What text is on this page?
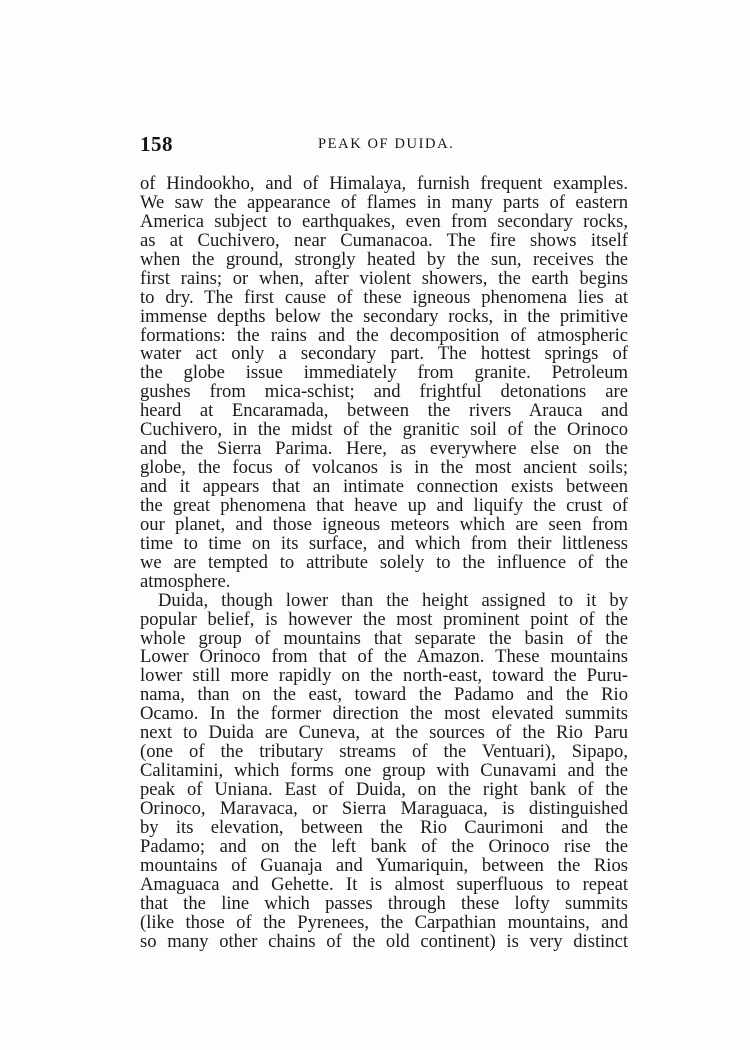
158	PEAK OF DUIDA.
of Hindookho, and of Himalaya, furnish frequent examples.
We saw the appearance of flames in many parts of eastern
America subject to earthquakes, even from secondary rocks,
as at Cuchivero, near Cumanacoa. The fire shows itself
when the ground, strongly heated by the sun, receives the
first rains; or when, after violent showers, the earth begins
to dry. The first cause of these igneous phenomena lies at
immense depths below the secondary rocks, in the primitive
formations: the rains and the decomposition of atmospheric
water act only a secondary part. The hottest springs of
the globe issue immediately from granite. Petroleum
gushes from mica-schist; and frightful detonations are
heard at Encaramada, between the rivers Arauca and
Cuchivero, in the midst of the granitic soil of the Orinoco
and the Sierra Parima. Here, as everywhere else on the
globe, the focus of volcanos is in the most ancient soils;
and it appears that an intimate connection exists between
the great phenomena that heave up and liquify the crust of
our planet, and those igneous meteors which are seen from
time to time on its surface, and which from their littleness
we are tempted to attribute solely to the influence of the
atmosphere.
Duida, though lower than the height assigned to it by
popular belief, is however the most prominent point of the
whole group of mountains that separate the basin of the
Lower Orinoco from that of the Amazon. These mountains
lower still more rapidly on the north-east, toward the Puru-
nama, than on the east, toward the Padamo and the Rio
Ocamo. In the former direction the most elevated summits
next to Duida are Cuneva, at the sources of the Rio Paru
(one of the tributary streams of the Ventuari), Sipapo,
Calitamini, which forms one group with Cunavami and the
peak of Uniana. East of Duida, on the right bank of the
Orinoco, Maravaca, or Sierra Maraguaca, is distinguished
by its elevation, between the Rio Caurimoni and the
Padamo; and on the left bank of the Orinoco rise the
mountains of Guanaja and Yumariquin, between the Rios
Amaguaca and Gehette. It is almost superfluous to repeat
that the line which passes through these lofty summits
(like those of the Pyrenees, the Carpathian mountains, and
so many other chains of the old continent) is very distinct
